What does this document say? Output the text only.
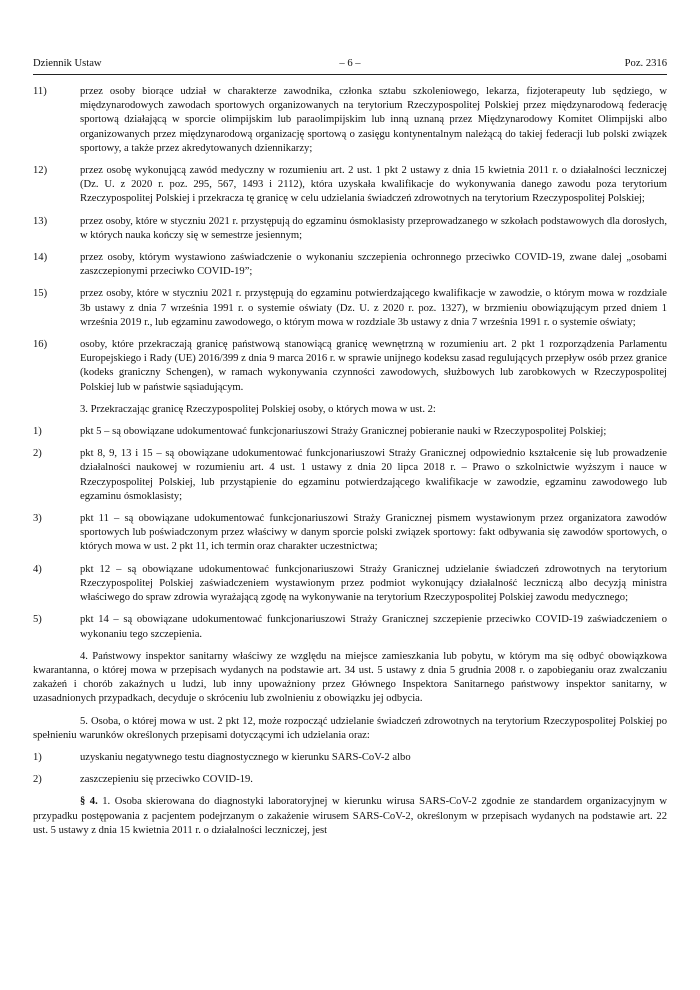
Dziennik Ustaw	– 6 –	Poz. 2316
11)	przez osoby biorące udział w charakterze zawodnika, członka sztabu szkoleniowego, lekarza, fizjoterapeuty lub sędziego, w międzynarodowych zawodach sportowych organizowanych na terytorium Rzeczypospolitej Polskiej przez międzynarodową federację sportową działającą w sporcie olimpijskim lub paraolimpijskim lub inną uznaną przez Międzynarodowy Komitet Olimpijski albo organizowanych przez międzynarodową organizację sportową o zasięgu kontynentalnym należącą do takiej federacji lub polski związek sportowy, a także przez akredytowanych dziennikarzy;
12)	przez osobę wykonującą zawód medyczny w rozumieniu art. 2 ust. 1 pkt 2 ustawy z dnia 15 kwietnia 2011 r. o działalności leczniczej (Dz. U. z 2020 r. poz. 295, 567, 1493 i 2112), która uzyskała kwalifikacje do wykonywania danego zawodu poza terytorium Rzeczypospolitej Polskiej i przekracza tę granicę w celu udzielania świadczeń zdrowotnych na terytorium Rzeczypospolitej Polskiej;
13)	przez osoby, które w styczniu 2021 r. przystępują do egzaminu ósmoklasisty przeprowadzanego w szkołach podstawowych dla dorosłych, w których nauka kończy się w semestrze jesiennym;
14)	przez osoby, którym wystawiono zaświadczenie o wykonaniu szczepienia ochronnego przeciwko COVID-19, zwane dalej „osobami zaszczepionymi przeciwko COVID-19”;
15)	przez osoby, które w styczniu 2021 r. przystępują do egzaminu potwierdzającego kwalifikacje w zawodzie, o którym mowa w rozdziale 3b ustawy z dnia 7 września 1991 r. o systemie oświaty (Dz. U. z 2020 r. poz. 1327), w brzmieniu obowiązującym przed dniem 1 września 2019 r., lub egzaminu zawodowego, o którym mowa w rozdziale 3b ustawy z dnia 7 września 1991 r. o systemie oświaty;
16)	osoby, które przekraczają granicę państwową stanowiącą granicę wewnętrzną w rozumieniu art. 2 pkt 1 rozporządzenia Parlamentu Europejskiego i Rady (UE) 2016/399 z dnia 9 marca 2016 r. w sprawie unijnego kodeksu zasad regulujących przepływ osób przez granice (kodeks graniczny Schengen), w ramach wykonywania czynności zawodowych, służbowych lub zarobkowych w Rzeczypospolitej Polskiej lub w państwie sąsiadującym.
3. Przekraczając granicę Rzeczypospolitej Polskiej osoby, o których mowa w ust. 2:
1)	pkt 5 – są obowiązane udokumentować funkcjonariuszowi Straży Granicznej pobieranie nauki w Rzeczypospolitej Polskiej;
2)	pkt 8, 9, 13 i 15 – są obowiązane udokumentować funkcjonariuszowi Straży Granicznej odpowiednio kształcenie się lub prowadzenie działalności naukowej w rozumieniu art. 4 ust. 1 ustawy z dnia 20 lipca 2018 r. – Prawo o szkolnictwie wyższym i nauce w Rzeczypospolitej Polskiej, lub przystąpienie do egzaminu potwierdzającego kwalifikacje w zawodzie, egzaminu zawodowego lub egzaminu ósmoklasisty;
3)	pkt 11 – są obowiązane udokumentować funkcjonariuszowi Straży Granicznej pismem wystawionym przez organizatora zawodów sportowych lub poświadczonym przez właściwy w danym sporcie polski związek sportowy: fakt odbywania się zawodów sportowych, o których mowa w ust. 2 pkt 11, ich termin oraz charakter uczestnictwa;
4)	pkt 12 – są obowiązane udokumentować funkcjonariuszowi Straży Granicznej udzielanie świadczeń zdrowotnych na terytorium Rzeczypospolitej Polskiej zaświadczeniem wystawionym przez podmiot wykonujący działalność leczniczą albo decyzją ministra właściwego do spraw zdrowia wyrażającą zgodę na wykonywanie na terytorium Rzeczypospolitej Polskiej zawodu medycznego;
5)	pkt 14 – są obowiązane udokumentować funkcjonariuszowi Straży Granicznej szczepienie przeciwko COVID-19 zaświadczeniem o wykonaniu tego szczepienia.
4. Państwowy inspektor sanitarny właściwy ze względu na miejsce zamieszkania lub pobytu, w którym ma się odbyć obowiązkowa kwarantanna, o której mowa w przepisach wydanych na podstawie art. 34 ust. 5 ustawy z dnia 5 grudnia 2008 r. o zapobieganiu oraz zwalczaniu zakażeń i chorób zakaźnych u ludzi, lub inny upoważniony przez Głównego Inspektora Sanitarnego państwowy inspektor sanitarny, w uzasadnionych przypadkach, decyduje o skróceniu lub zwolnieniu z obowiązku jej odbycia.
5. Osoba, o której mowa w ust. 2 pkt 12, może rozpocząć udzielanie świadczeń zdrowotnych na terytorium Rzeczypospolitej Polskiej po spełnieniu warunków określonych przepisami dotyczącymi ich udzielania oraz:
1)	uzyskaniu negatywnego testu diagnostycznego w kierunku SARS-CoV-2 albo
2)	zaszczepieniu się przeciwko COVID-19.
§ 4. 1. Osoba skierowana do diagnostyki laboratoryjnej w kierunku wirusa SARS-CoV-2 zgodnie ze standardem organizacyjnym w przypadku postępowania z pacjentem podejrzanym o zakażenie wirusem SARS-CoV-2, określonym w przepisach wydanych na podstawie art. 22 ust. 5 ustawy z dnia 15 kwietnia 2011 r. o działalności leczniczej, jest
